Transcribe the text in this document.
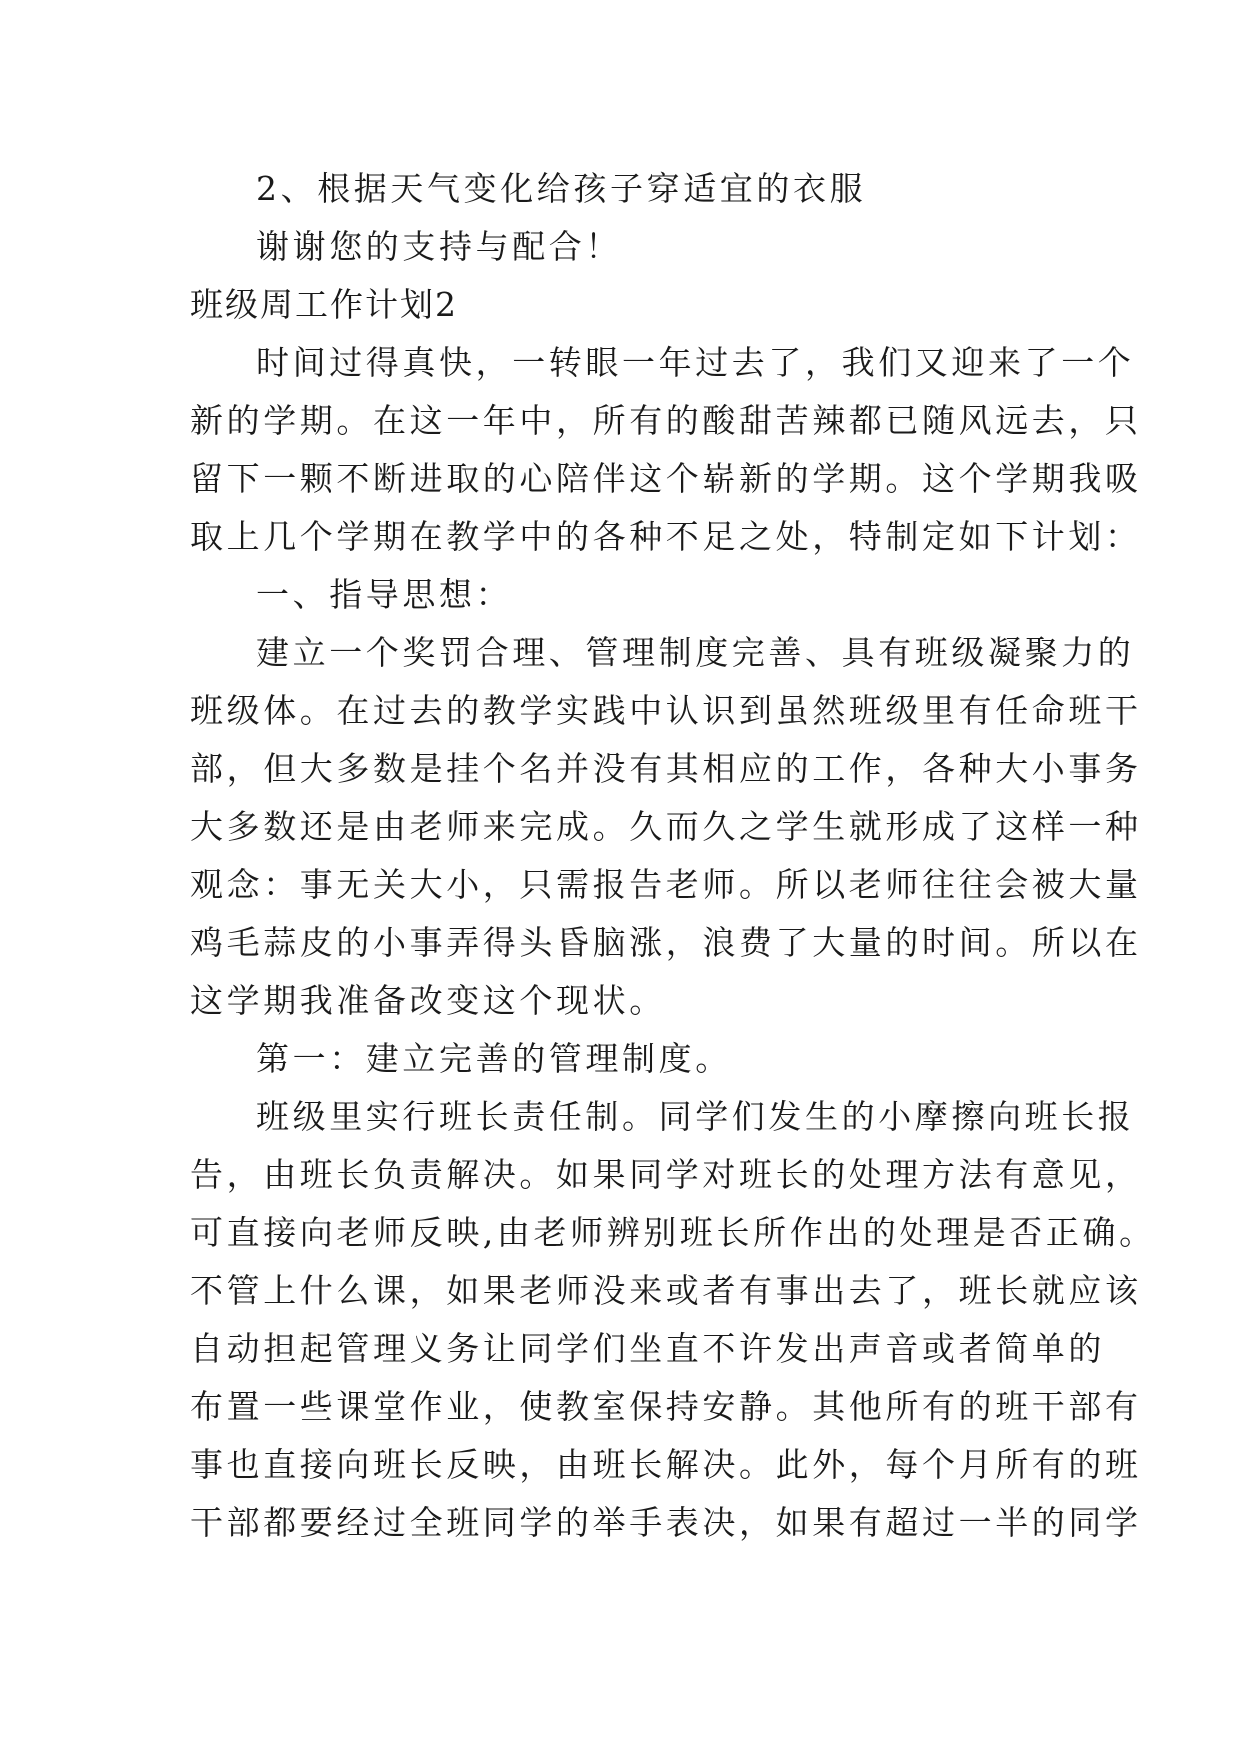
2、根据天气变化给孩子穿适宜的衣服

谢谢您的支持与配合！

班级周工作计划2

时间过得真快，一转眼一年过去了，我们又迎来了一个

新的学期。在这一年中，所有的酸甜苦辣都已随风远去，只

留下一颗不断进取的心陪伴这个崭新的学期。这个学期我吸

取上几个学期在教学中的各种不足之处，特制定如下计划：

一、指导思想：

建立一个奖罚合理、管理制度完善、具有班级凝聚力的

班级体。在过去的教学实践中认识到虽然班级里有任命班干

部，但大多数是挂个名并没有其相应的工作，各种大小事务

大多数还是由老师来完成。久而久之学生就形成了这样一种

观念：事无关大小，只需报告老师。所以老师往往会被大量

鸡毛蒜皮的小事弄得头昏脑涨，浪费了大量的时间。所以在

这学期我准备改变这个现状。

第一：建立完善的管理制度。

班级里实行班长责任制。同学们发生的小摩擦向班长报

告，由班长负责解决。如果同学对班长的处理方法有意见，

可直接向老师反映,由老师辨别班长所作出的处理是否正确。

不管上什么课，如果老师没来或者有事出去了，班长就应该

自动担起管理义务让同学们坐直不许发出声音或者简单的

布置一些课堂作业，使教室保持安静。其他所有的班干部有

事也直接向班长反映，由班长解决。此外，每个月所有的班

干部都要经过全班同学的举手表决，如果有超过一半的同学
